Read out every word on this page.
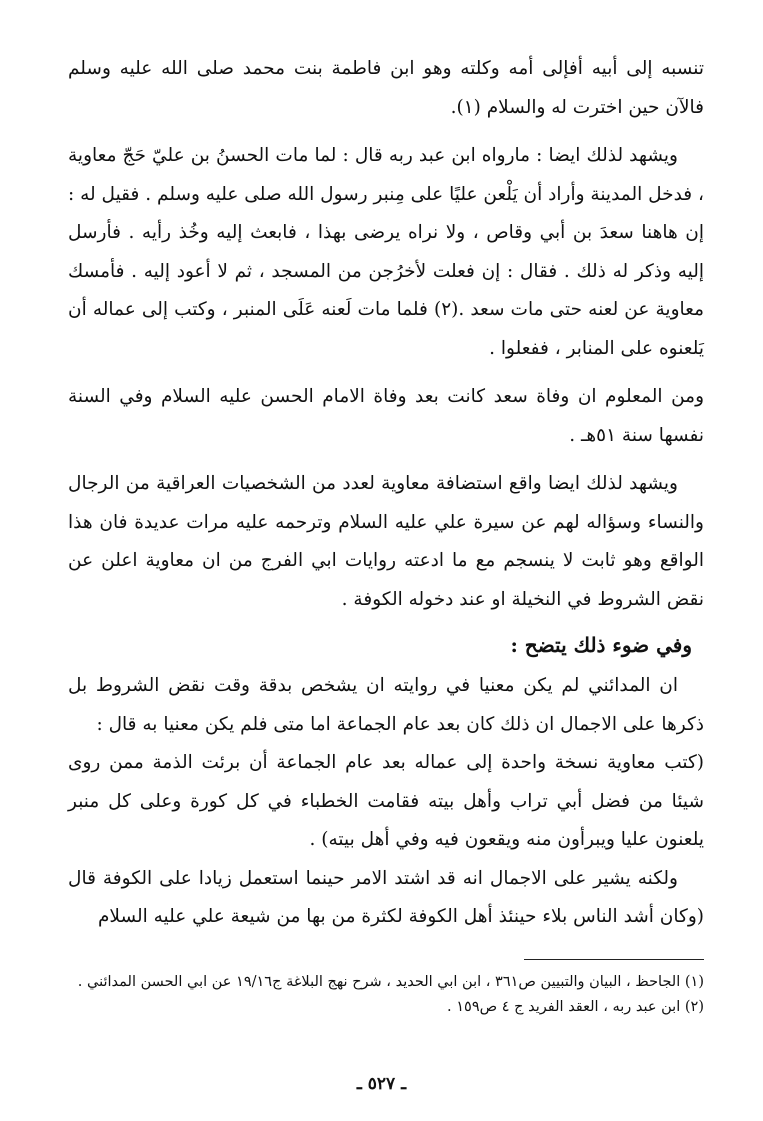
تنسبه إلى أبيه أفإلى أمه وكلته وهو ابن فاطمة بنت محمد صلى الله عليه وسلم فالآن حين اخترت له والسلام (١).

ويشهد لذلك ايضا : مارواه ابن عبد ربه قال : لما مات الحسنُ بن عليّ حَجّ معاوية ، فدخل المدينة وأراد أن يَلْعن عليًا على مِنبر رسول الله صلى عليه وسلم . فقيل له : إن هاهنا سعدَ بن أبي وقاص ، ولا نراه يرضى بهذا ، فابعث إليه وخُذ رأيه . فأرسل إليه وذكر له ذلك . فقال : إن فعلت لأخرُجن من المسجد ، ثم لا أعود إليه . فأمسك معاوية عن لعنه حتى مات سعد .(٢) فلما مات لَعنه عَلَى المنبر ، وكتب إلى عماله أن يَلعنوه على المنابر ، ففعلوا .

ومن المعلوم ان وفاة سعد كانت بعد وفاة الامام الحسن عليه السلام وفي السنة نفسها سنة ٥١هـ .

ويشهد لذلك ايضا واقع استضافة معاوية لعدد من الشخصيات العراقية من الرجال والنساء وسؤاله لهم عن سيرة علي عليه السلام وترحمه عليه مرات عديدة فان هذا الواقع وهو ثابت لا ينسجم مع ما ادعته روايات ابي الفرج من ان معاوية اعلن عن نقض الشروط في النخيلة او عند دخوله الكوفة .

وفي ضوء ذلك يتضح :

ان المدائني لم يكن معنيا في روايته ان يشخص بدقة وقت نقض الشروط بل ذكرها على الاجمال ان ذلك كان بعد عام الجماعة اما متى فلم يكن معنيا به قال :

(كتب معاوية نسخة واحدة إلى عماله بعد عام الجماعة أن برئت الذمة ممن روى شيئا من فضل أبي تراب وأهل بيته فقامت الخطباء في كل كورة وعلى كل منبر يلعنون عليا ويبرأون منه ويقعون فيه وفي أهل بيته) .

ولكنه يشير على الاجمال انه قد اشتد الامر حينما استعمل زيادا على الكوفة قال (وكان أشد الناس بلاء حينئذ أهل الكوفة لكثرة من بها من شيعة علي عليه السلام

(١) الجاحظ ، البيان والتبيين ص٣٦١ ، ابن ابي الحديد ، شرح نهج البلاغة ج١٩/١٦ عن ابي الحسن المدائني .

(٢) ابن عبد ربه ، العقد الفريد ج ٤ ص١٥٩ .

ـ ٥٢٧ ـ
